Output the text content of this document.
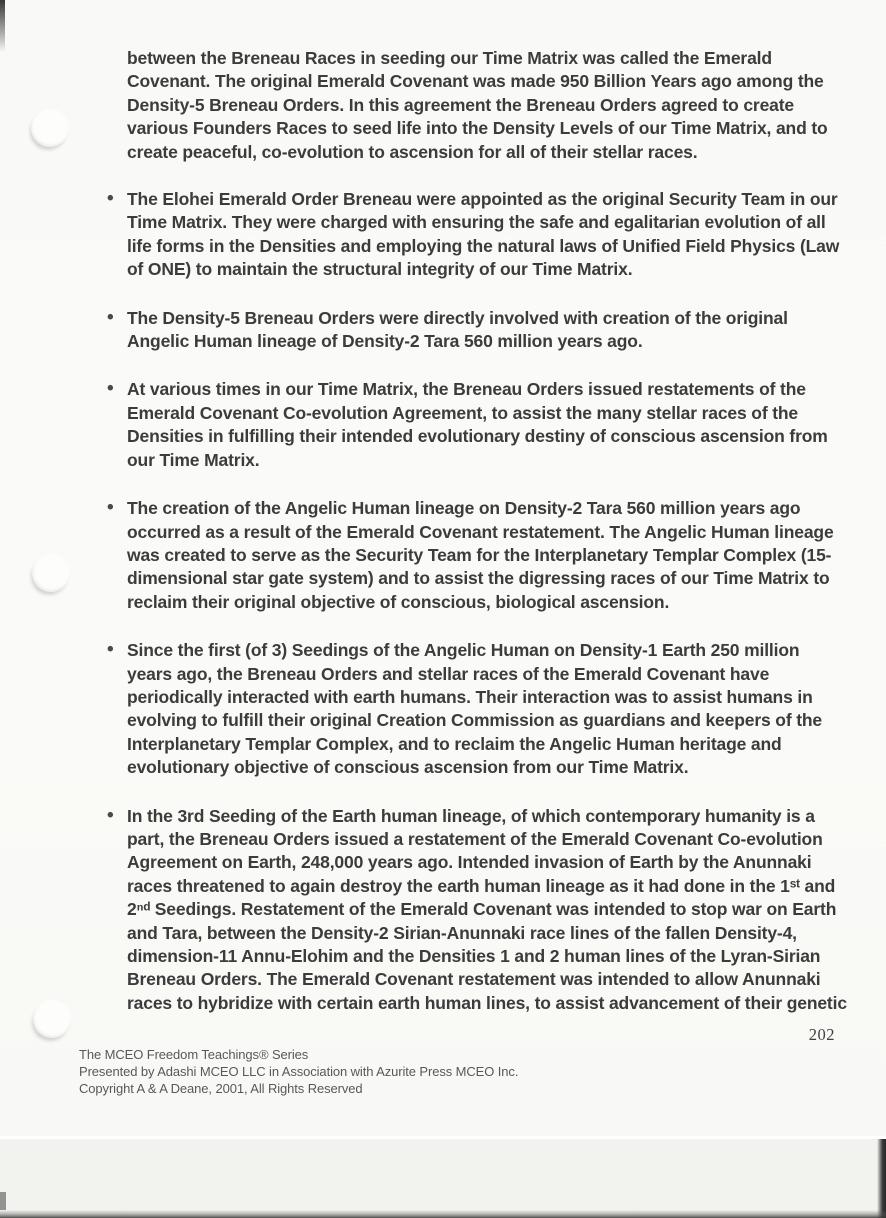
between the Breneau Races in seeding our Time Matrix was called the Emerald Covenant. The original Emerald Covenant was made 950 Billion Years ago among the Density-5 Breneau Orders. In this agreement the Breneau Orders agreed to create various Founders Races to seed life into the Density Levels of our Time Matrix, and to create peaceful, co-evolution to ascension for all of their stellar races.

• The Elohei Emerald Order Breneau were appointed as the original Security Team in our Time Matrix. They were charged with ensuring the safe and egalitarian evolution of all life forms in the Densities and employing the natural laws of Unified Field Physics (Law of ONE) to maintain the structural integrity of our Time Matrix.
• The Density-5 Breneau Orders were directly involved with creation of the original Angelic Human lineage of Density-2 Tara 560 million years ago.
• At various times in our Time Matrix, the Breneau Orders issued restatements of the Emerald Covenant Co-evolution Agreement, to assist the many stellar races of the Densities in fulfilling their intended evolutionary destiny of conscious ascension from our Time Matrix.
• The creation of the Angelic Human lineage on Density-2 Tara 560 million years ago occurred as a result of the Emerald Covenant restatement. The Angelic Human lineage was created to serve as the Security Team for the Interplanetary Templar Complex (15-dimensional star gate system) and to assist the digressing races of our Time Matrix to reclaim their original objective of conscious, biological ascension.
• Since the first (of 3) Seedings of the Angelic Human on Density-1 Earth 250 million years ago, the Breneau Orders and stellar races of the Emerald Covenant have periodically interacted with earth humans. Their interaction was to assist humans in evolving to fulfill their original Creation Commission as guardians and keepers of the Interplanetary Templar Complex, and to reclaim the Angelic Human heritage and evolutionary objective of conscious ascension from our Time Matrix.
• In the 3rd Seeding of the Earth human lineage, of which contemporary humanity is a part, the Breneau Orders issued a restatement of the Emerald Covenant Co-evolution Agreement on Earth, 248,000 years ago. Intended invasion of Earth by the Anunnaki races threatened to again destroy the earth human lineage as it had done in the 1ˢᵗ and 2ⁿᵈ Seedings. Restatement of the Emerald Covenant was intended to stop war on Earth and Tara, between the Density-2 Sirian-Anunnaki race lines of the fallen Density-4, dimension-11 Annu-Elohim and the Densities 1 and 2 human lines of the Lyran-Sirian Breneau Orders. The Emerald Covenant restatement was intended to allow Anunnaki races to hybridize with certain earth human lines, to assist advancement of their genetic
202
The MCEO Freedom Teachings® Series
Presented by Adashi MCEO LLC in Association with Azurite Press MCEO Inc.
Copyright A & A Deane, 2001, All Rights Reserved
